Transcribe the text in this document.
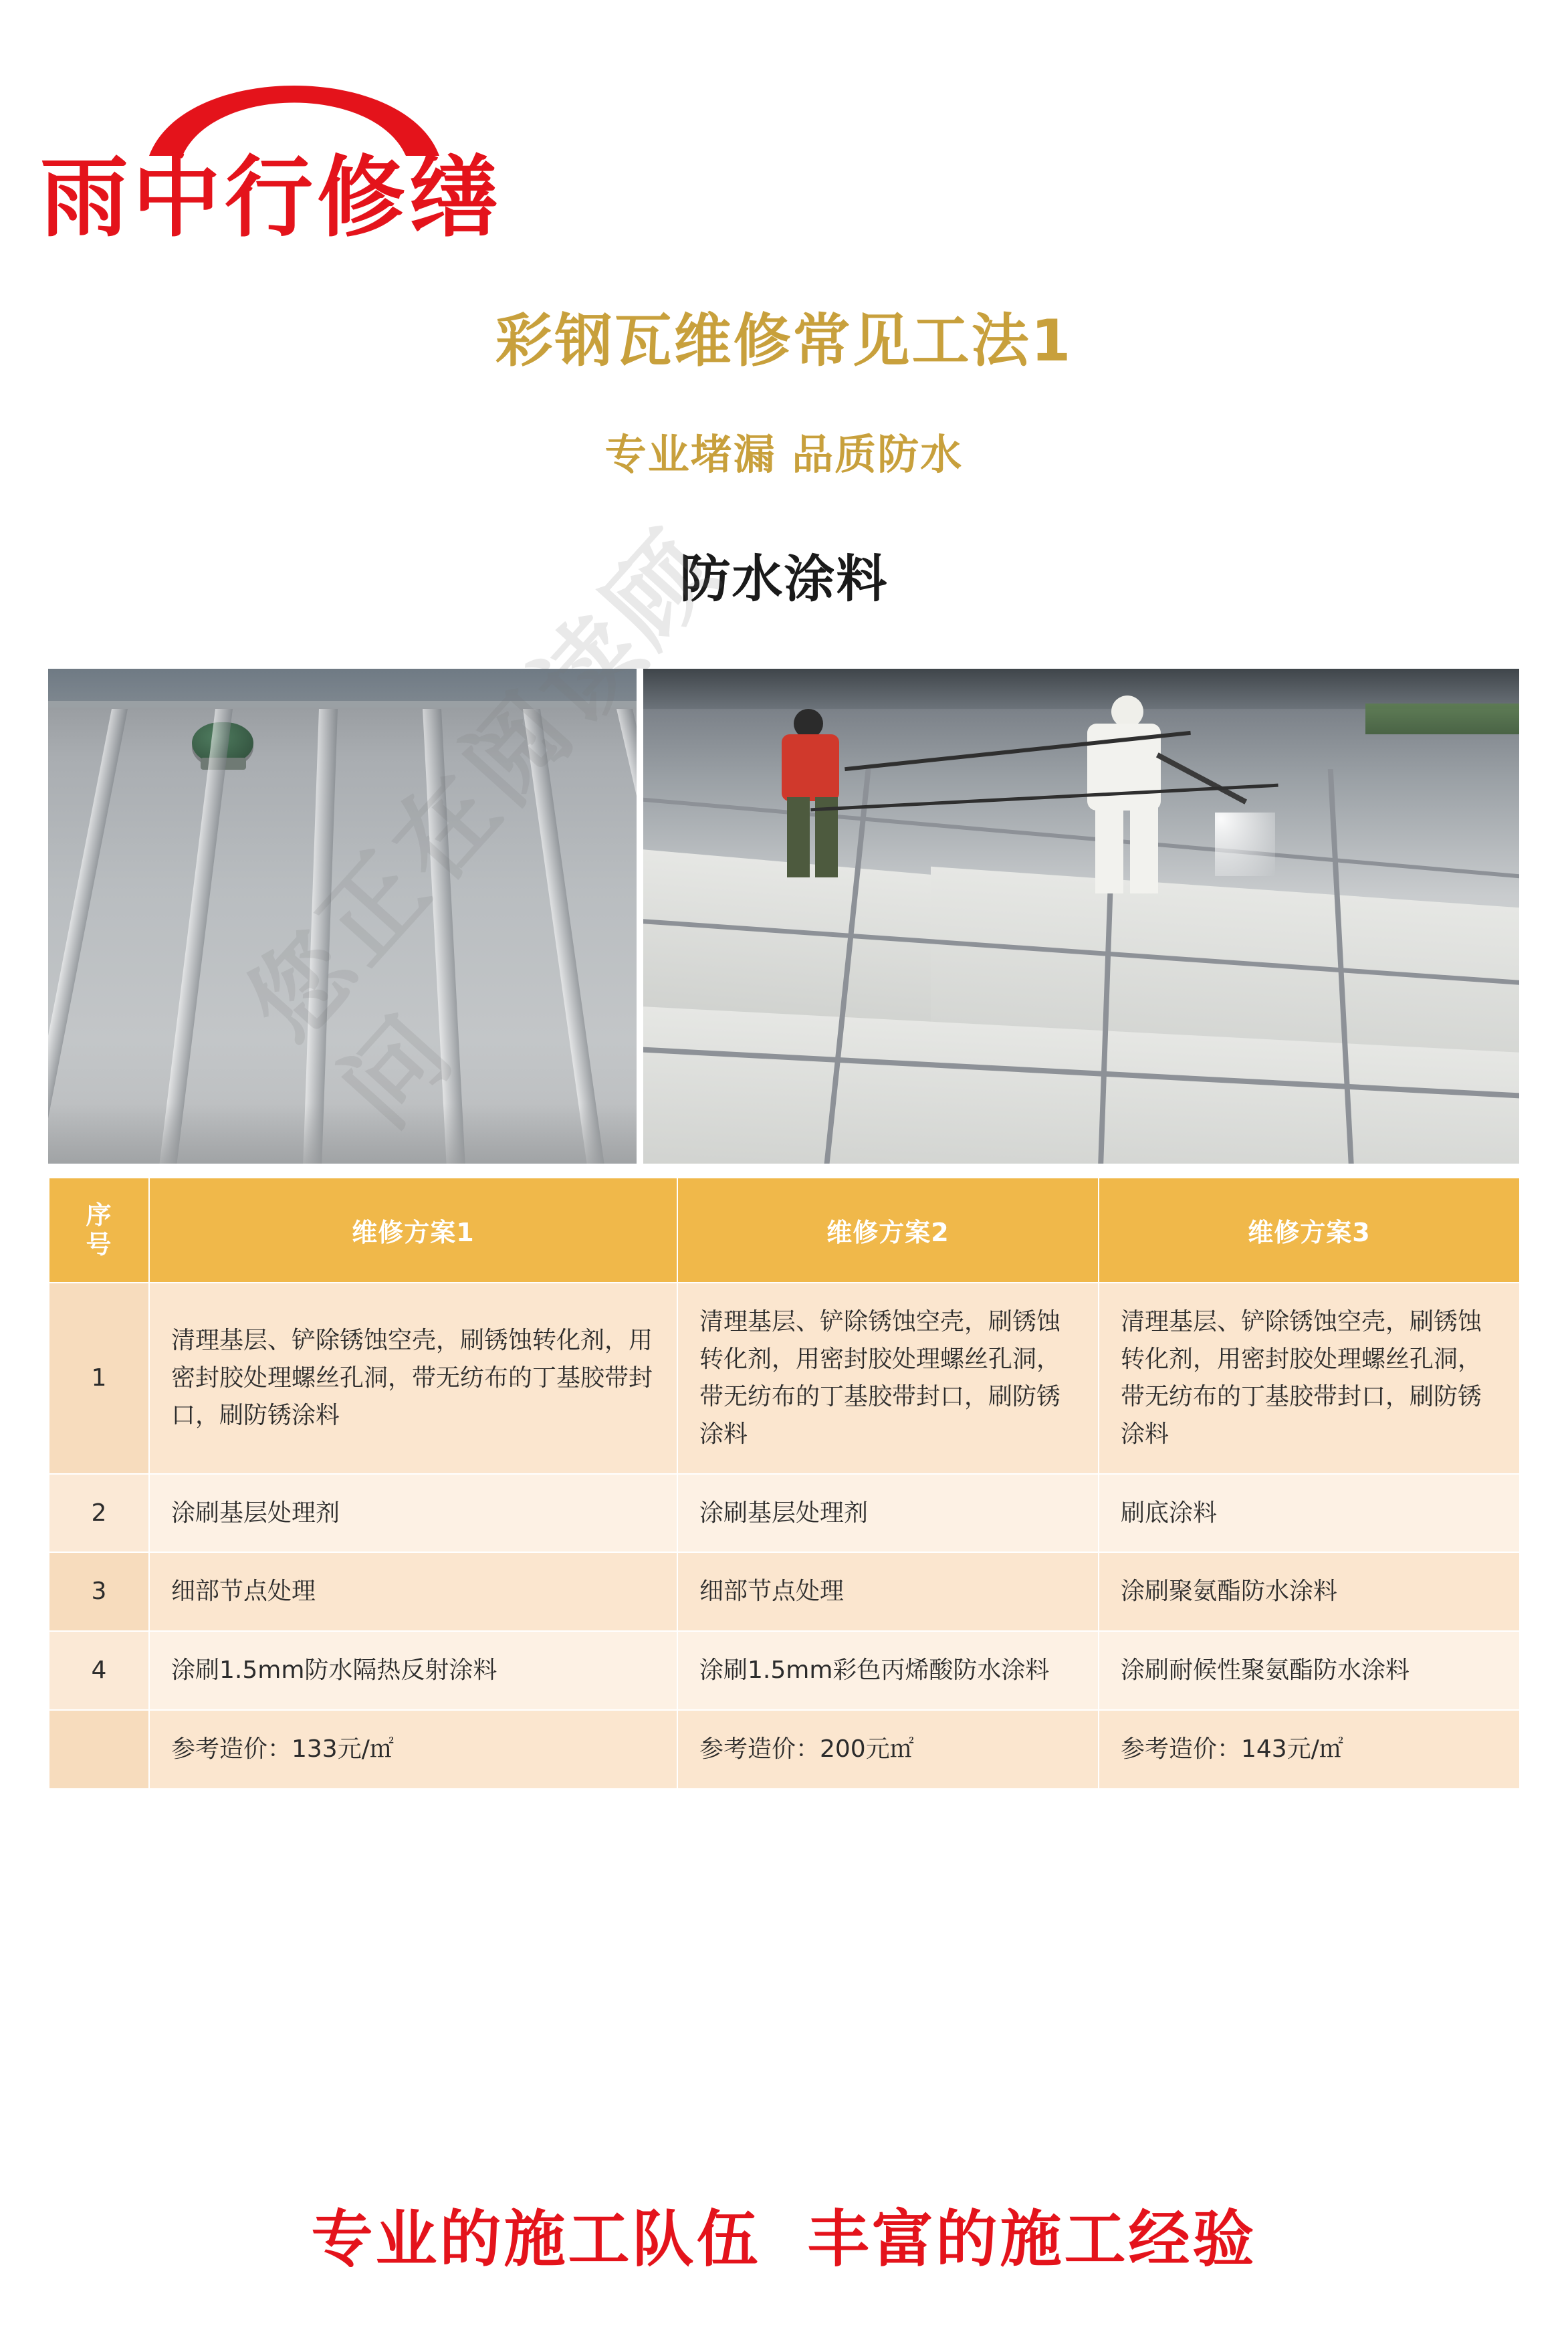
雨中行修缮
彩钢瓦维修常见工法1
专业堵漏 品质防水
防水涂料
序
号	维修方案1	维修方案2	维修方案3
1	清理基层、铲除锈蚀空壳，刷锈蚀转化剂，用密封胶处理螺丝孔洞，带无纺布的丁基胶带封口，刷防锈涂料	清理基层、铲除锈蚀空壳，刷锈蚀转化剂，用密封胶处理螺丝孔洞，带无纺布的丁基胶带封口，刷防锈涂料	清理基层、铲除锈蚀空壳，刷锈蚀转化剂，用密封胶处理螺丝孔洞，带无纺布的丁基胶带封口，刷防锈涂料
2	涂刷基层处理剂	涂刷基层处理剂	刷底涂料
3	细部节点处理	细部节点处理	涂刷聚氨酯防水涂料
4	涂刷1.5mm防水隔热反射涂料	涂刷1.5mm彩色丙烯酸防水涂料	涂刷耐候性聚氨酯防水涂料
	参考造价：133元/㎡	参考造价：200元㎡	参考造价：143元/㎡
专业的施工队伍 丰富的施工经验
